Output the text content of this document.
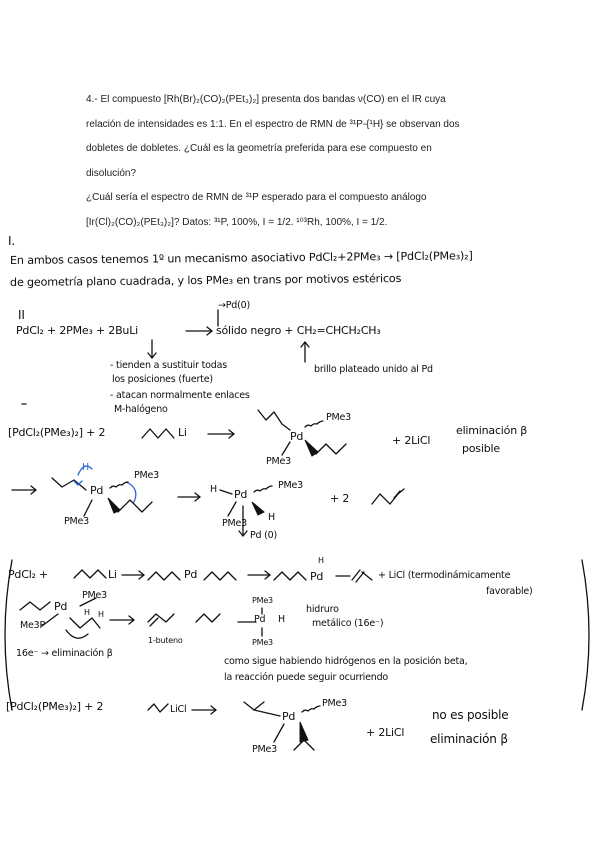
4.- El compuesto [Rh(Br)₂(CO)₂(PEt₃)₂] presenta dos bandas ν(CO) en el IR cuya

relación de intensidades es 1:1. En el espectro de RMN de ³¹P-{¹H} se observan dos

dobletes de dobletes. ¿Cuál es la geometría preferida para ese compuesto en

disolución?

¿Cuál sería el espectro de RMN de ³¹P esperado para el compuesto análogo

[Ir(Cl)₂(CO)₂(PEt₃)₂]? Datos: ³¹P, 100%, I = 1/2. ¹⁰³Rh, 100%, I = 1/2.

I.
En ambos casos tenemos 1º un mecanismo asociativo PdCl₂+2PMe₃ → [PdCl₂(PMe₃)₂]
de geometría plano cuadrada, y los PMe₃ en trans por motivos estéricos
II
→Pd(0)
PdCl₂ + 2PMe₃ + 2BuLi	sólido negro + CH₂=CHCH₂CH₃
- tienden a sustituir todas
los posiciones (fuerte)
- atacan normalmente enlaces
M-halógeno
brillo plateado unido al Pd
[PdCl₂(PMe₃)₂] + 2	Li	Pd
PMe3
PMe3
+ 2LiCl
eliminación β
posible
H
Pd
PMe3
PMe3
H Pd
PMe3
PMe3
H
Pd (0)
+ 2
PdCl₂ +	Li	Pd	Pd
H
+ LiCl (termodinámicamente
favorable)
PMe3
Me3P
Pd H H
16e⁻ → eliminación β
1-buteno
PMe3
Pd H
PMe3
hidruro
metálico (16e⁻)
como sigue habiendo hidrógenos en la posición beta,
la reacción puede seguir ocurriendo
[PdCl₂(PMe₃)₂] + 2	LiCl
Pd
PMe3
PMe3
+ 2LiCl
no es posible
eliminación β
